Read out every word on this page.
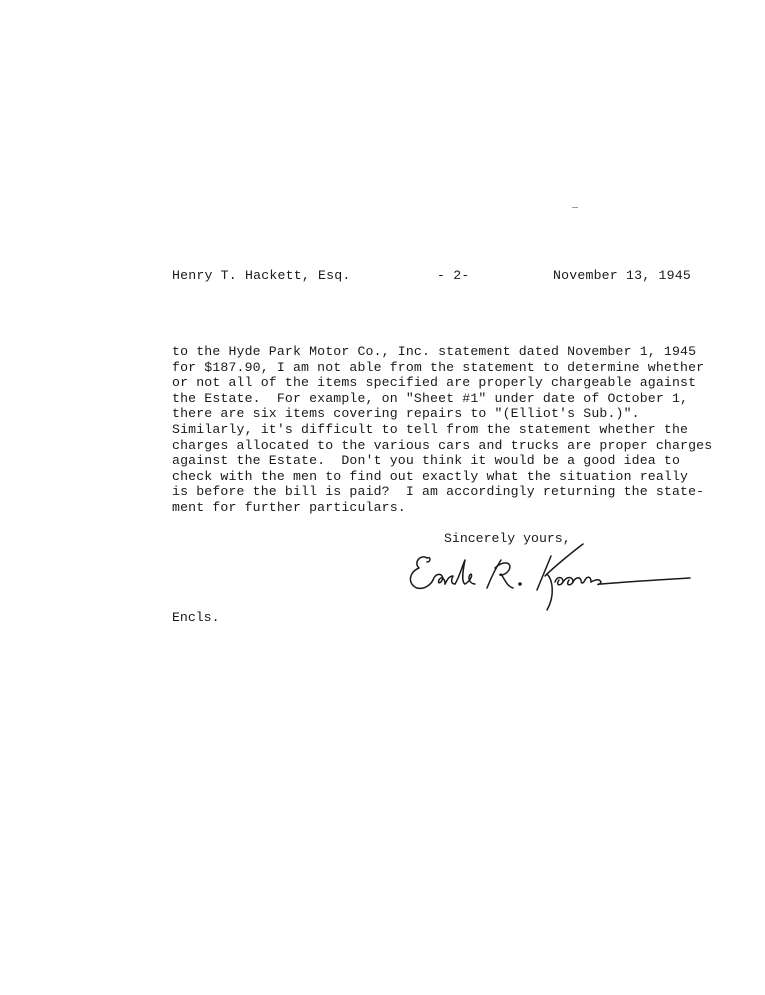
Henry T. Hackett, Esq.	- 2-	November 13, 1945
to the Hyde Park Motor Co., Inc. statement dated November 1, 1945
for $187.90, I am not able from the statement to determine whether
or not all of the items specified are properly chargeable against
the Estate.  For example, on "Sheet #1" under date of October 1,
there are six items covering repairs to "(Elliot's Sub.)".
Similarly, it's difficult to tell from the statement whether the
charges allocated to the various cars and trucks are proper charges
against the Estate.  Don't you think it would be a good idea to
check with the men to find out exactly what the situation really
is before the bill is paid?  I am accordingly returning the state-
ment for further particulars.
Sincerely yours,
Encls.
